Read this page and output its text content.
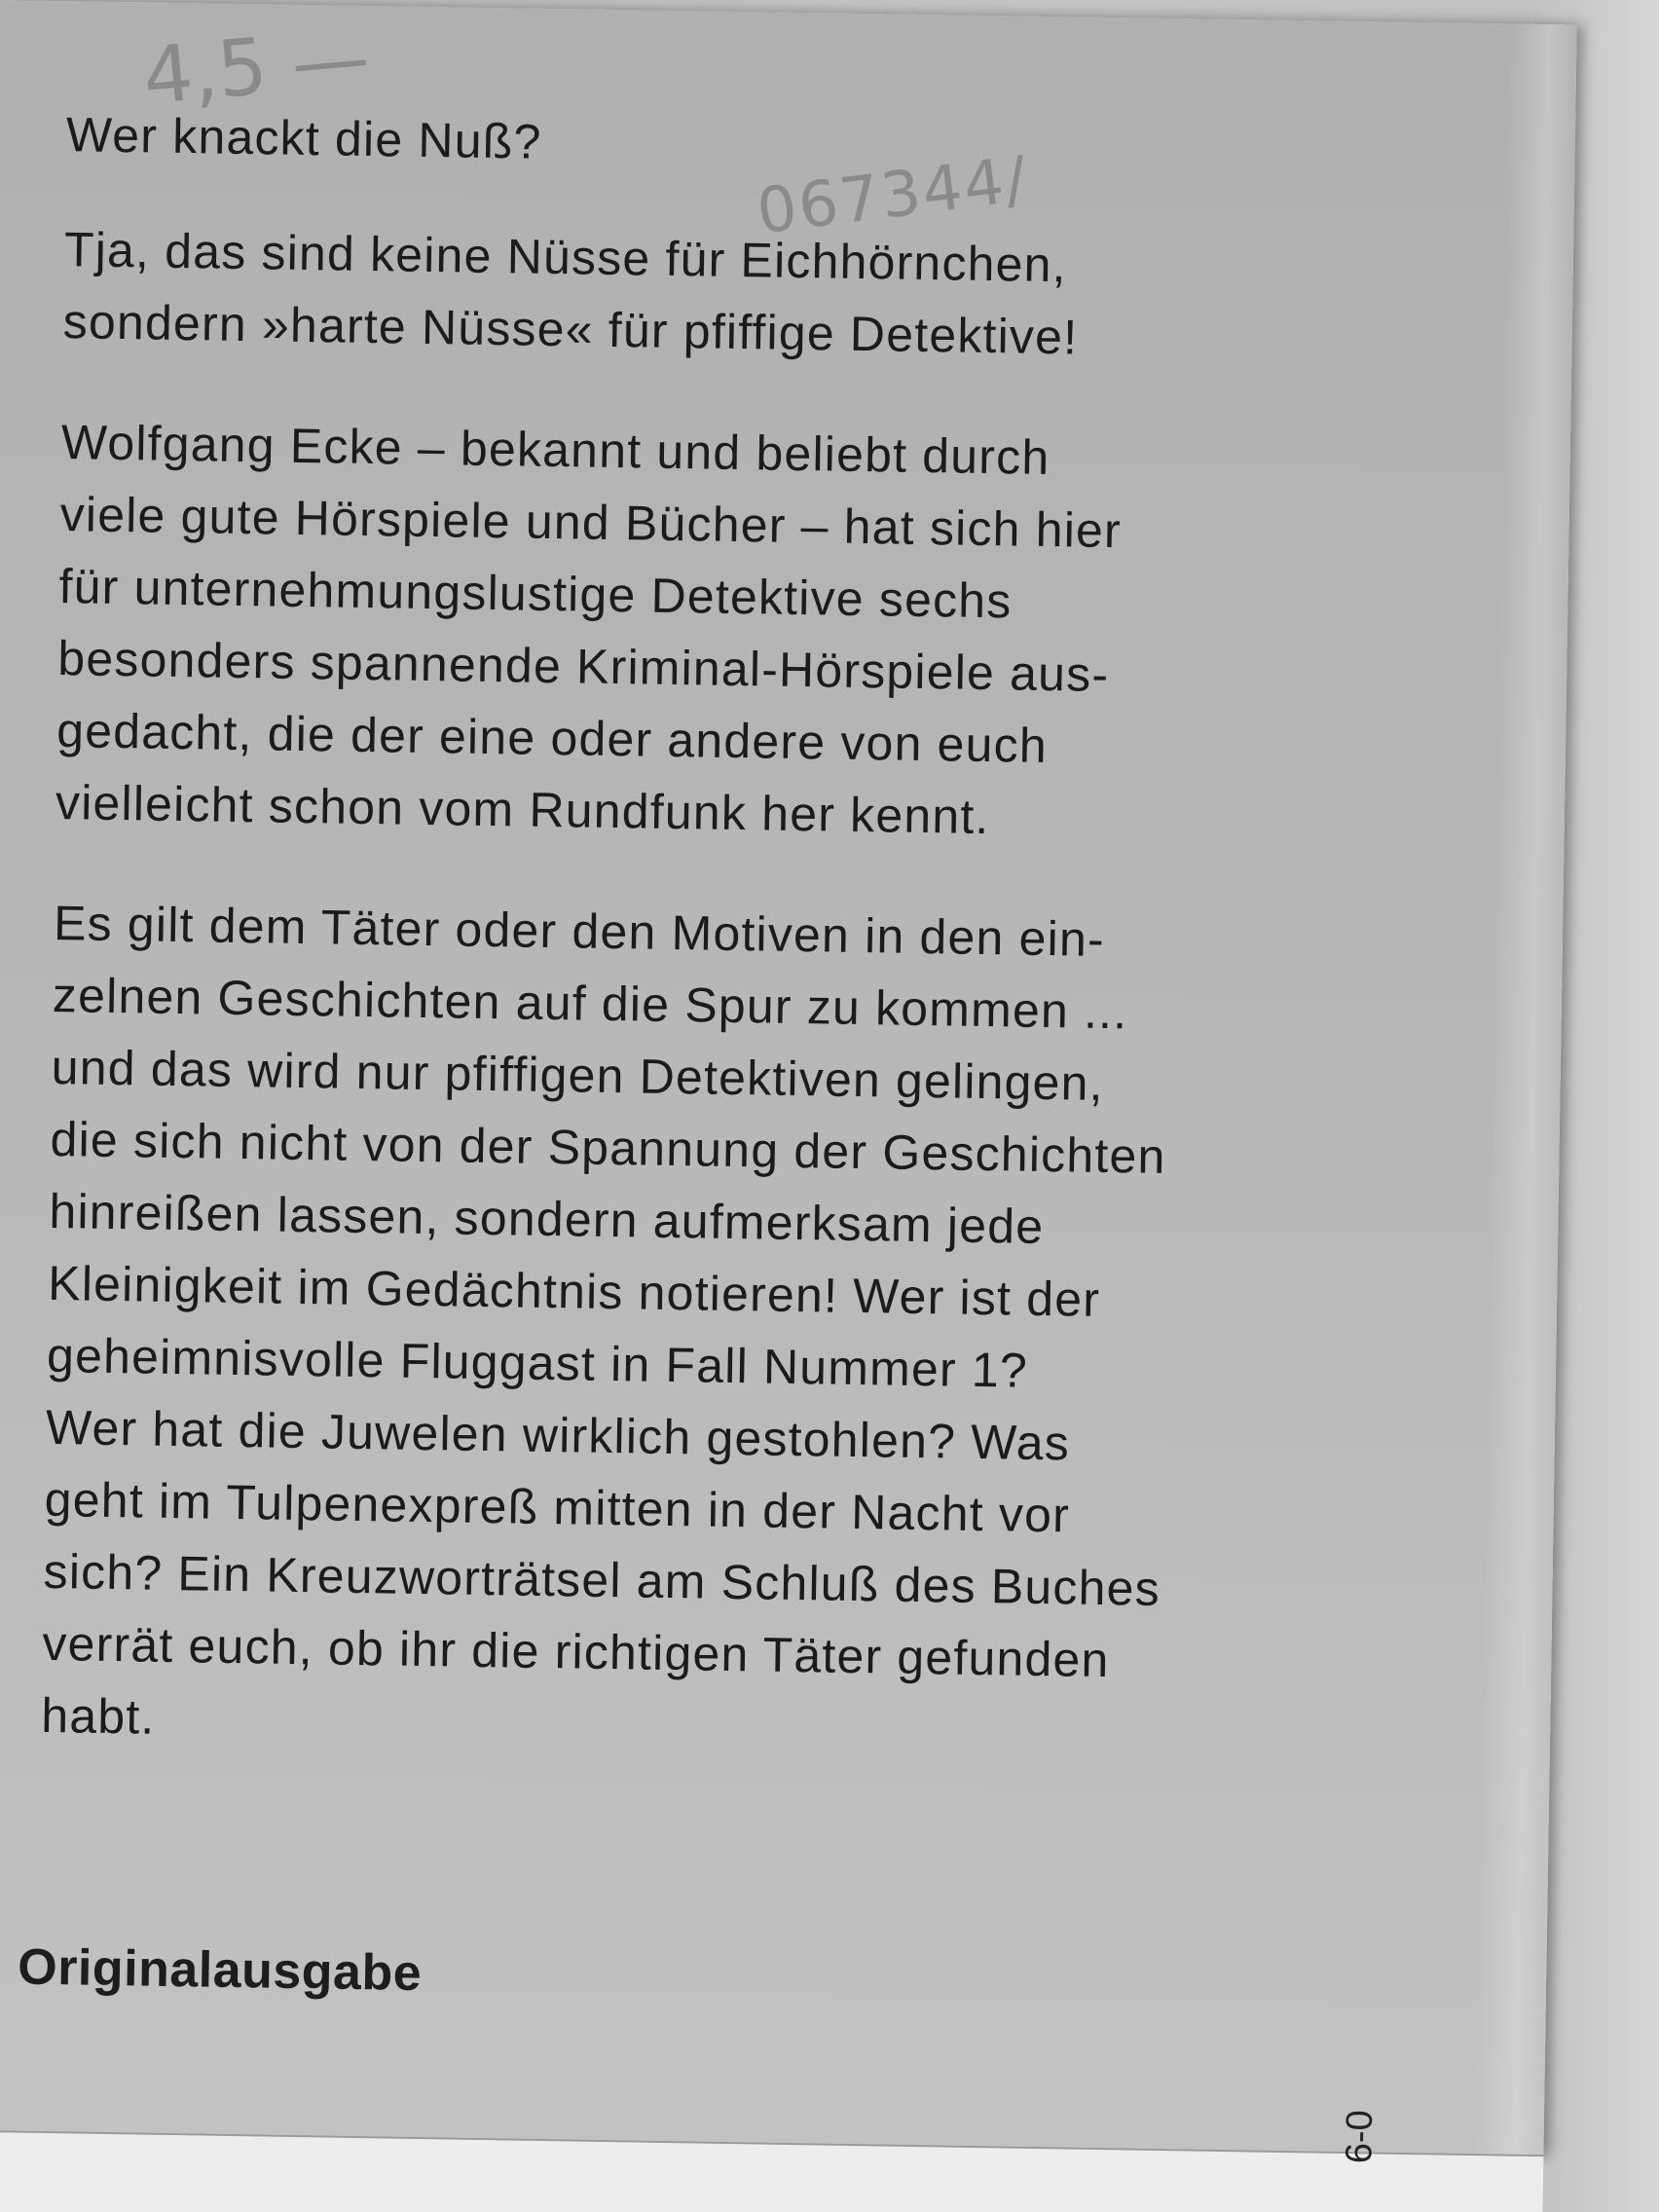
4,5 —
067344/
Wer knackt die Nuß?

Tja, das sind keine Nüsse für Eichhörnchen,
sondern »harte Nüsse« für pfiffige Detektive!

Wolfgang Ecke – bekannt und beliebt durch
viele gute Hörspiele und Bücher – hat sich hier
für unternehmungslustige Detektive sechs
besonders spannende Kriminal-Hörspiele aus-
gedacht, die der eine oder andere von euch
vielleicht schon vom Rundfunk her kennt.

Es gilt dem Täter oder den Motiven in den ein-
zelnen Geschichten auf die Spur zu kommen ...
und das wird nur pfiffigen Detektiven gelingen,
die sich nicht von der Spannung der Geschichten
hinreißen lassen, sondern aufmerksam jede
Kleinigkeit im Gedächtnis notieren! Wer ist der
geheimnisvolle Fluggast in Fall Nummer 1?
Wer hat die Juwelen wirklich gestohlen? Was
geht im Tulpenexpreß mitten in der Nacht vor
sich? Ein Kreuzworträtsel am Schluß des Buches
verrät euch, ob ihr die richtigen Täter gefunden
habt.

Originalausgabe
6-0
